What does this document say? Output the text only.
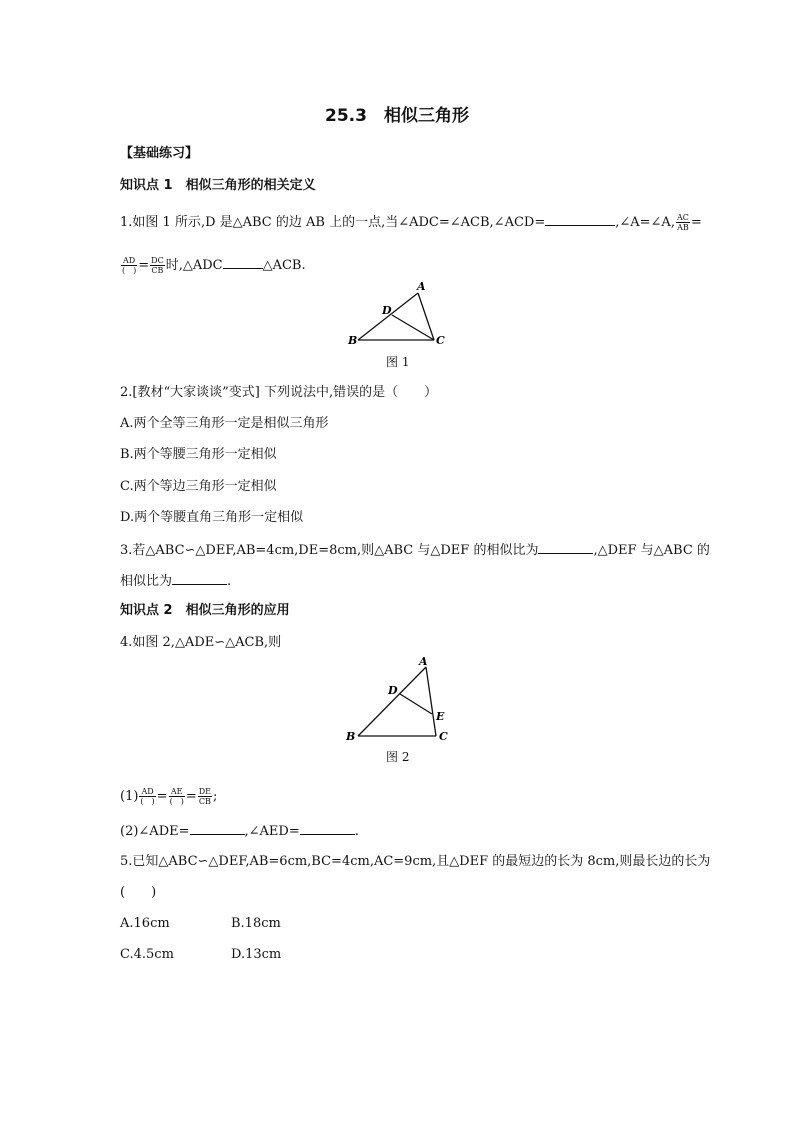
25.3　相似三角形
【基础练习】
知识点 1　相似三角形的相关定义
1.如图 1 所示,D 是△ABC 的边 AB 上的一点,当∠ADC=∠ACB,∠ACD=	,∠A=∠A, $\frac{AC}{AB}$ =
$\frac{AD}{( )} = \frac{DC}{CB}$ 时,△ADC	△ACB.
A
B	C
D
图 1
2.[教材“大家谈谈”变式] 下列说法中,错误的是（　　）
A.两个全等三角形一定是相似三角形
B.两个等腰三角形一定相似
C.两个等边三角形一定相似
D.两个等腰直角三角形一定相似
3.若△ABC∽△DEF,AB=4cm,DE=8cm,则△ABC 与△DEF 的相似比为	,△DEF 与△ABC 的
相似比为	.
知识点 2　相似三角形的应用
4.如图 2,△ADE∽△ACB,则
A
B	C
D
E
图 2
$(1) \frac{AD}{( )} = \frac{AE}{( )} = \frac{DE}{CB}$ ;
(2)∠ADE=	,∠AED=	.
5.已知△ABC∽△DEF,AB=6cm,BC=4cm,AC=9cm,且△DEF 的最短边的长为 8cm,则最长边的长为
(　　)
A.16cm	B.18cm
C.4.5cm	D.13cm
